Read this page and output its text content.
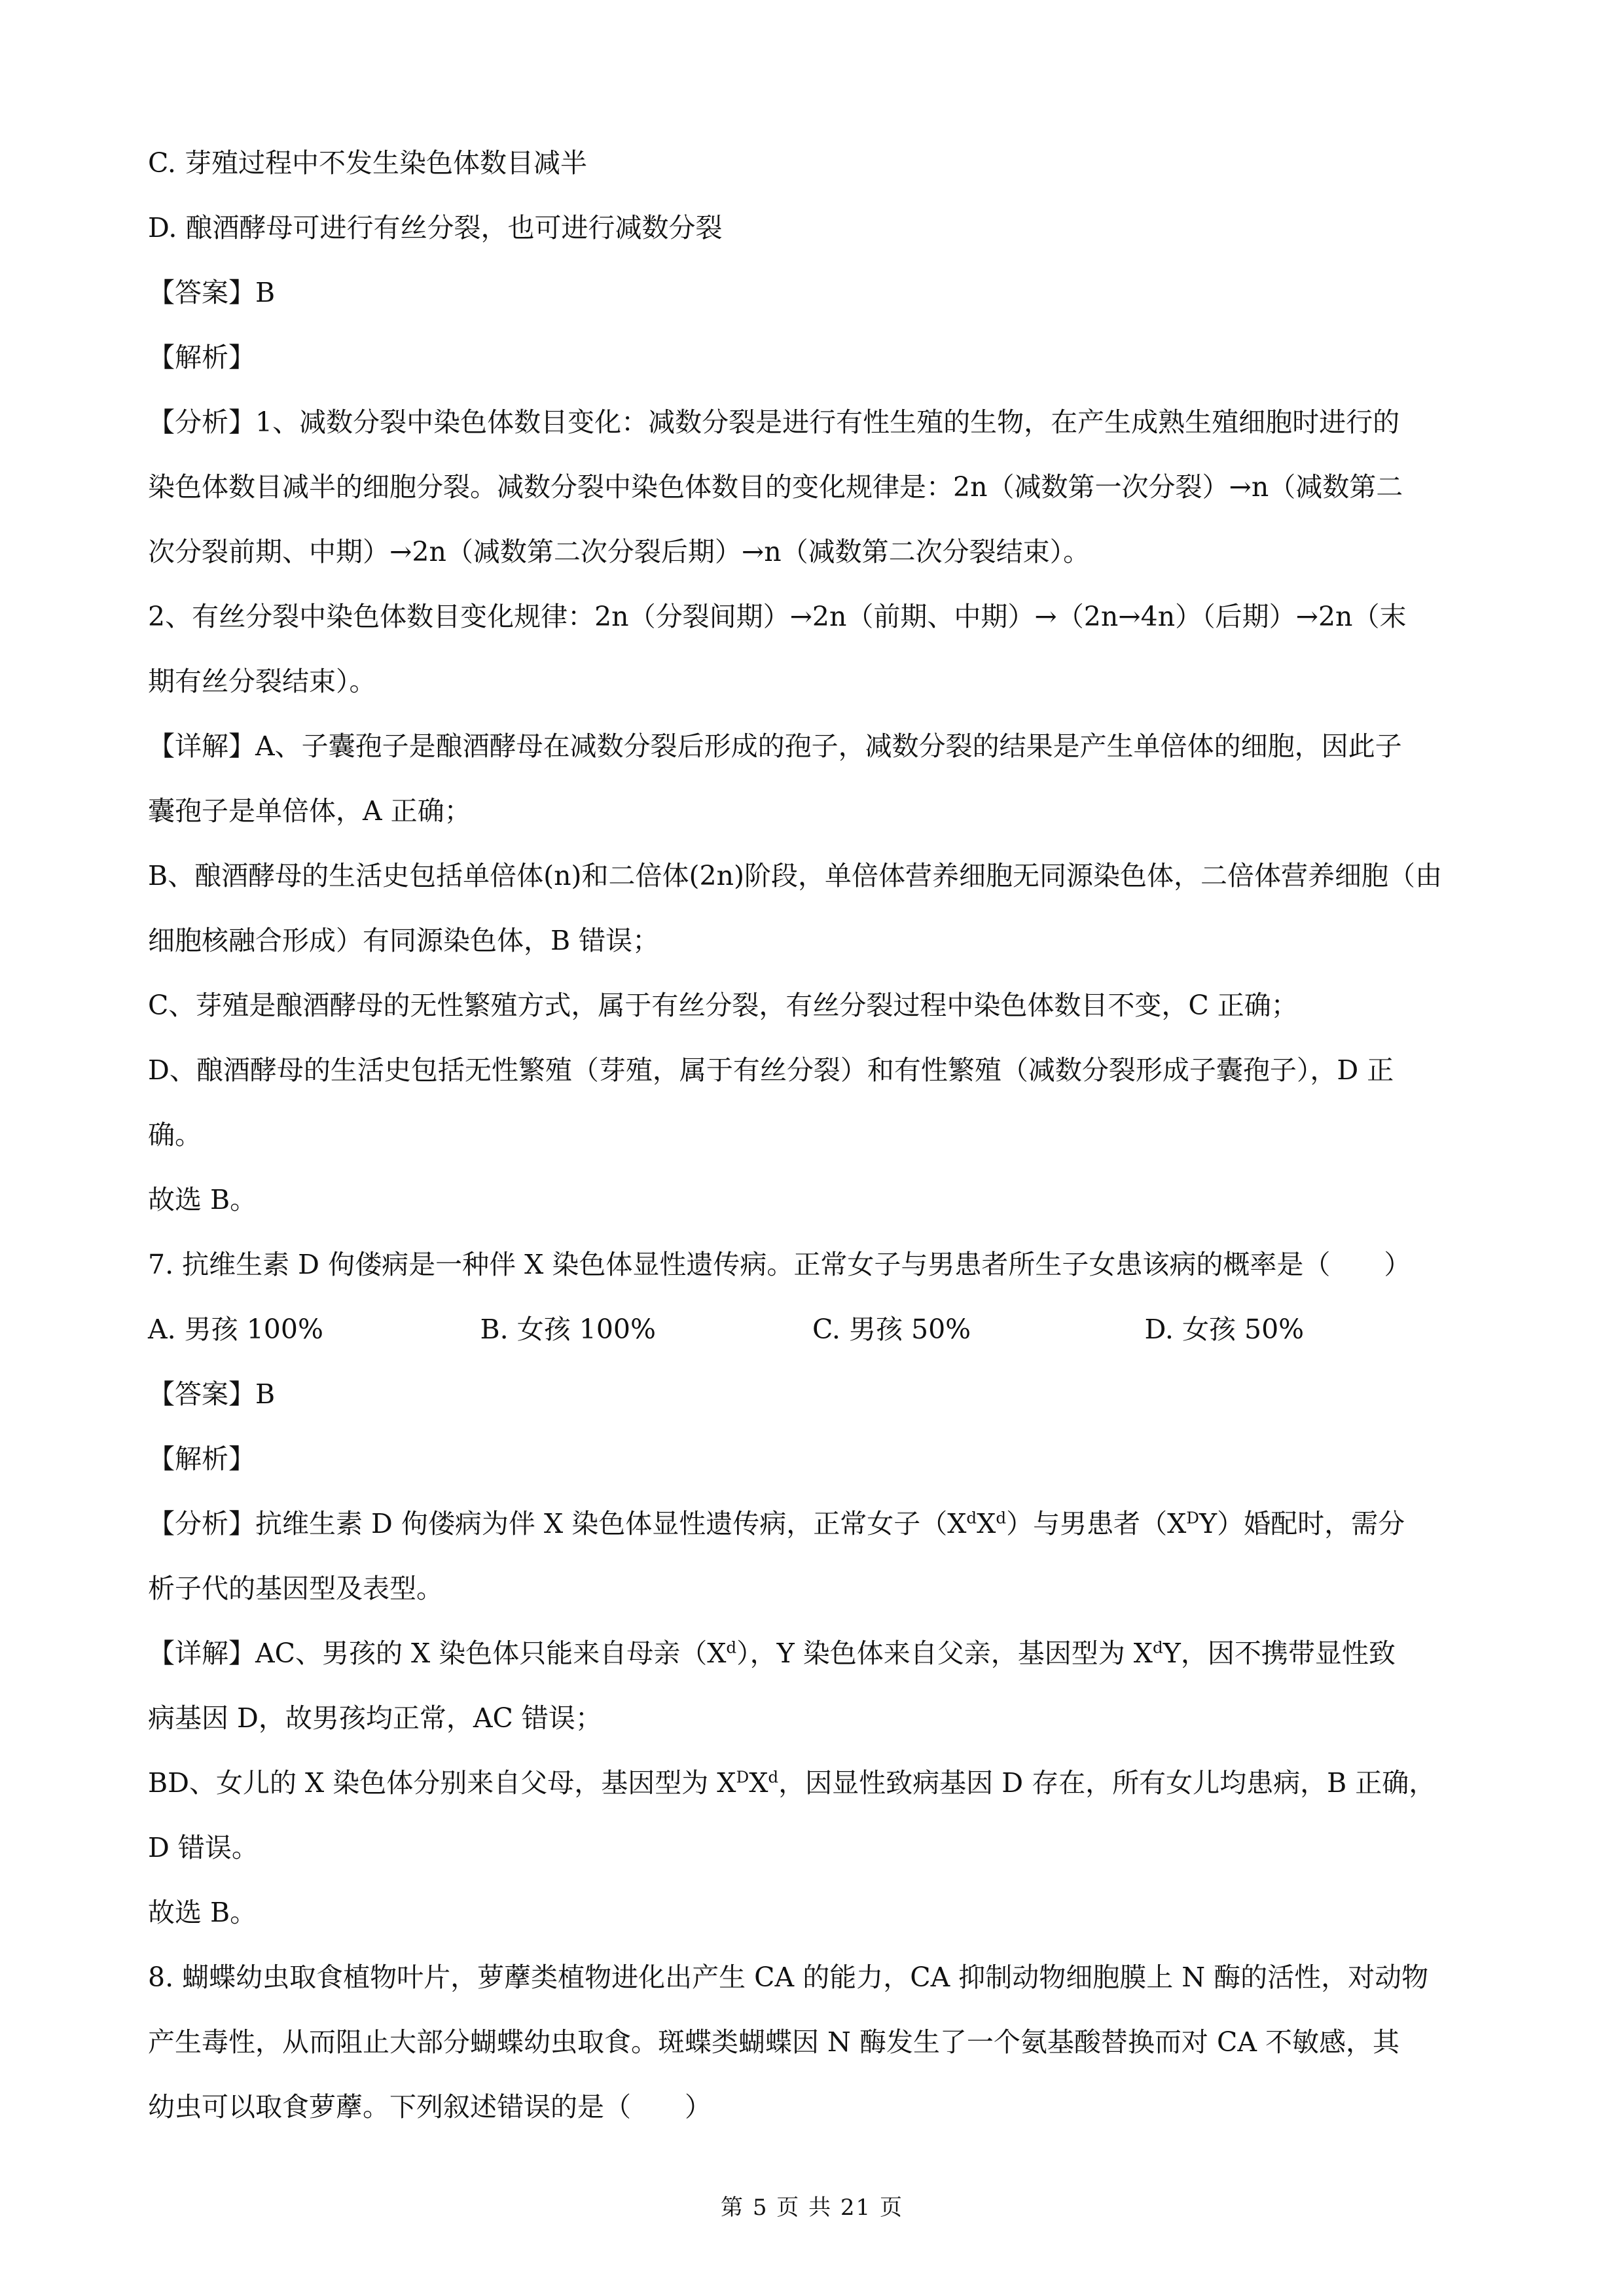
C. 芽殖过程中不发生染色体数目减半
D. 酿酒酵母可进行有丝分裂，也可进行减数分裂
【答案】B
【解析】
【分析】1、减数分裂中染色体数目变化：减数分裂是进行有性生殖的生物，在产生成熟生殖细胞时进行的
染色体数目减半的细胞分裂。减数分裂中染色体数目的变化规律是：2n（减数第一次分裂）→n（减数第二
次分裂前期、中期）→2n（减数第二次分裂后期）→n（减数第二次分裂结束）。
2、有丝分裂中染色体数目变化规律：2n（分裂间期）→2n（前期、中期）→（2n→4n）（后期）→2n（末
期有丝分裂结束）。
【详解】A、子囊孢子是酿酒酵母在减数分裂后形成的孢子，减数分裂的结果是产生单倍体的细胞，因此子
囊孢子是单倍体，A 正确；
B、酿酒酵母的生活史包括单倍体(n)和二倍体(2n)阶段，单倍体营养细胞无同源染色体，二倍体营养细胞（由
细胞核融合形成）有同源染色体，B 错误；
C、芽殖是酿酒酵母的无性繁殖方式，属于有丝分裂，有丝分裂过程中染色体数目不变，C 正确；
D、酿酒酵母的生活史包括无性繁殖（芽殖，属于有丝分裂）和有性繁殖（减数分裂形成子囊孢子），D 正
确。
故选 B。
7. 抗维生素 D 佝偻病是一种伴 X 染色体显性遗传病。正常女子与男患者所生子女患该病的概率是（　　）
A. 男孩 100%	B. 女孩 100%	C. 男孩 50%	D. 女孩 50%
【答案】B
【解析】
【分析】抗维生素 D 佝偻病为伴 X 染色体显性遗传病，正常女子$(X^dX^d)$与男患者$(X^DY)$婚配时，需分
析子代的基因型及表型。
【详解】AC、男孩的 X 染色体只能来自母亲$(X^d)$，Y 染色体来自父亲，基因型为 $X^dY$，因不携带显性致
病基因 D，故男孩均正常，AC 错误；
BD、女儿的 X 染色体分别来自父母，基因型为 $X^DX^d$，因显性致病基因 D 存在，所有女儿均患病，B 正确，
D 错误。
故选 B。
8. 蝴蝶幼虫取食植物叶片，萝藦类植物进化出产生 CA 的能力，CA 抑制动物细胞膜上 N 酶的活性，对动物
产生毒性，从而阻止大部分蝴蝶幼虫取食。斑蝶类蝴蝶因 N 酶发生了一个氨基酸替换而对 CA 不敏感，其
幼虫可以取食萝藦。下列叙述错误的是（　　）
第 5 页 共 21 页
